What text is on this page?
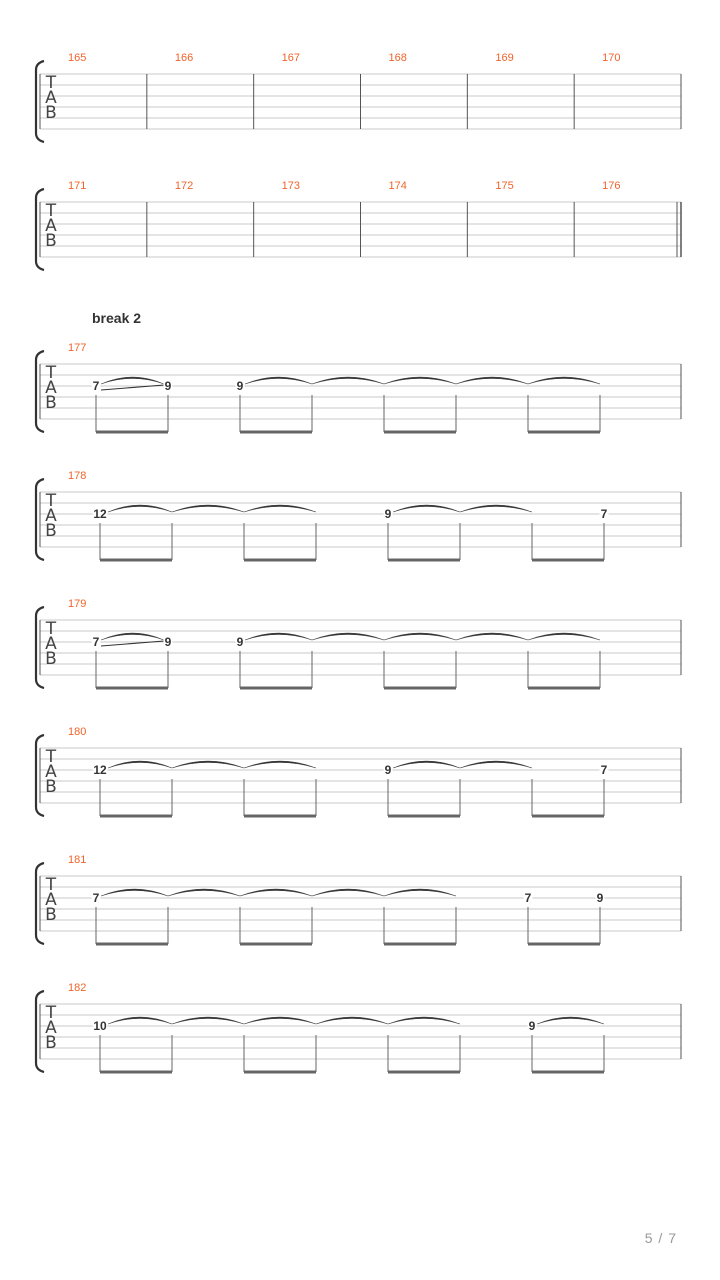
T
A
B
165	166	167	168	169	170
T
A
B
171	172	173	174	175	176
T
A
B
break 2
177
7	9	9
T
A
B
178
12	9	7
T
A
B
179
7	9	9
T
A
B
180
12	9	7
T
A
B
181
7	7	9
T
A
B
182
10	9
5 / 7
